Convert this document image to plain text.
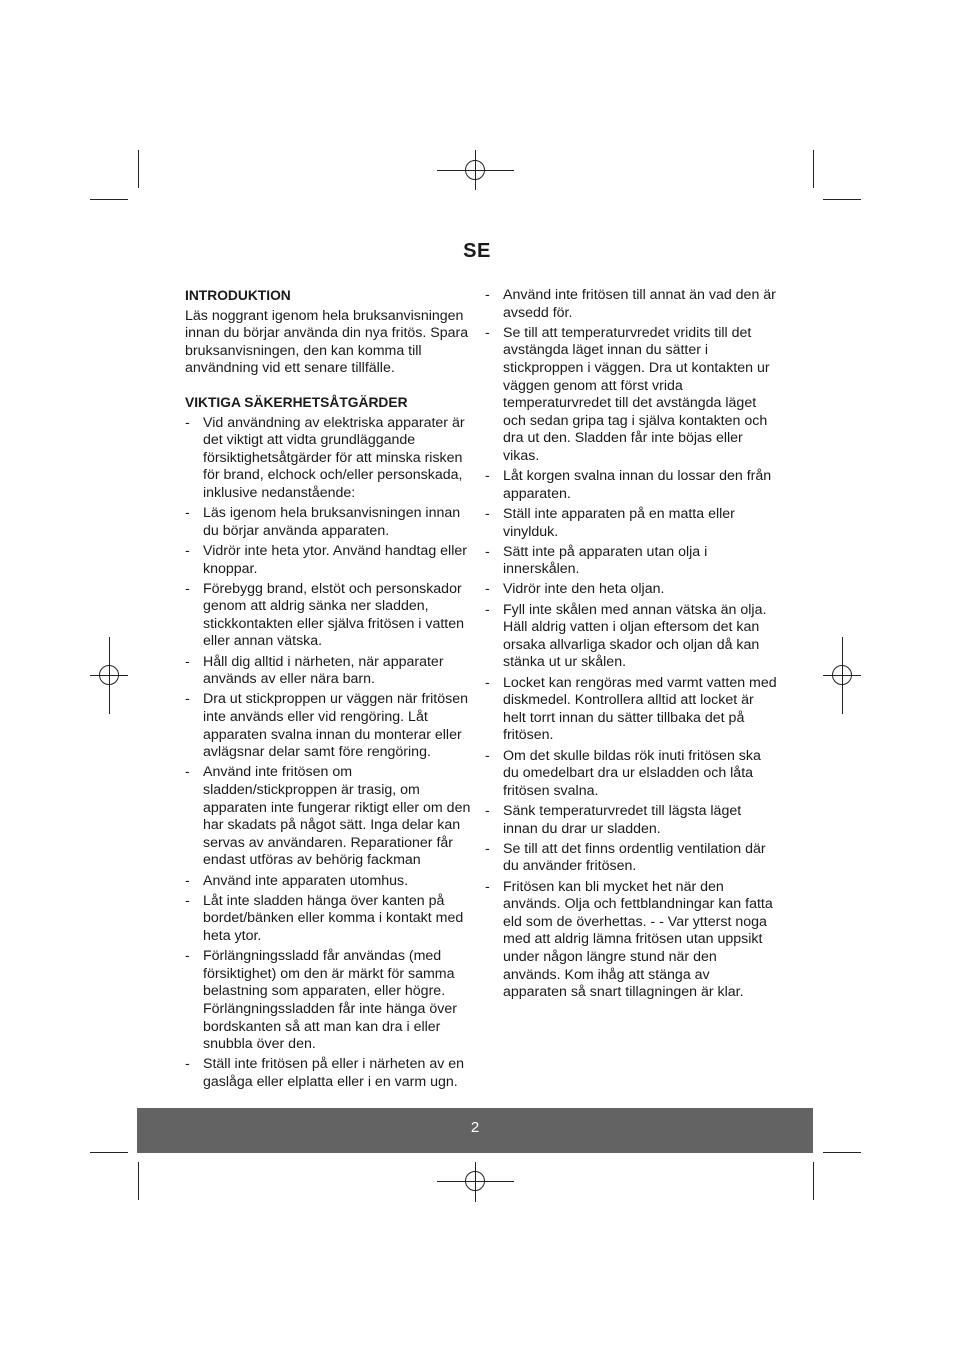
SE
INTRODUKTION

Läs noggrant igenom hela bruksanvisningen innan du börjar använda din nya fritös. Spara bruksanvisningen, den kan komma till användning vid ett senare tillfälle.

VIKTIGA SÄKERHETSÅTGÄRDER
- Vid användning av elektriska apparater är det viktigt att vidta grundläggande försiktighetsåtgärder för att minska risken för brand, elchock och/eller personskada, inklusive nedanstående:
- Läs igenom hela bruksanvisningen innan du börjar använda apparaten.
- Vidrör inte heta ytor. Använd handtag eller knoppar.
- Förebygg brand, elstöt och personskador genom att aldrig sänka ner sladden, stickkontakten eller själva fritösen i vatten eller annan vätska.
- Håll dig alltid i närheten, när apparater används av eller nära barn.
- Dra ut stickproppen ur väggen när fritösen inte används eller vid rengöring. Låt apparaten svalna innan du monterar eller avlägsnar delar samt före rengöring.
- Använd inte fritösen om sladden/stickproppen är trasig, om apparaten inte fungerar riktigt eller om den har skadats på något sätt. Inga delar kan servas av användaren. Reparationer får endast utföras av behörig fackman
- Använd inte apparaten utomhus.
- Låt inte sladden hänga över kanten på bordet/bänken eller komma i kontakt med heta ytor.
- Förlängningssladd får användas (med försiktighet) om den är märkt för samma belastning som apparaten, eller högre. Förlängningssladden får inte hänga över bordskanten så att man kan dra i eller snubbla över den.
- Ställ inte fritösen på eller i närheten av en gaslåga eller elplatta eller i en varm ugn.
- Använd inte fritösen till annat än vad den är avsedd för.
- Se till att temperaturvredet vridits till det avstängda läget innan du sätter i stickproppen i väggen. Dra ut kontakten ur väggen genom att först vrida temperaturvredet till det avstängda läget och sedan gripa tag i själva kontakten och dra ut den. Sladden får inte böjas eller vikas.
- Låt korgen svalna innan du lossar den från apparaten.
- Ställ inte apparaten på en matta eller vinylduk.
- Sätt inte på apparaten utan olja i innerskålen.
- Vidrör inte den heta oljan.
- Fyll inte skålen med annan vätska än olja. Häll aldrig vatten i oljan eftersom det kan orsaka allvarliga skador och oljan då kan stänka ut ur skålen.
- Locket kan rengöras med varmt vatten med diskmedel. Kontrollera alltid att locket är helt torrt innan du sätter tillbaka det på fritösen.
- Om det skulle bildas rök inuti fritösen ska du omedelbart dra ur elsladden och låta fritösen svalna.
- Sänk temperaturvredet till lägsta läget innan du drar ur sladden.
- Se till att det finns ordentlig ventilation där du använder fritösen.
- Fritösen kan bli mycket het när den används. Olja och fettblandningar kan fatta eld som de överhettas. - - Var ytterst noga med att aldrig lämna fritösen utan uppsikt under någon längre stund när den används. Kom ihåg att stänga av apparaten så snart tillagningen är klar.
2
